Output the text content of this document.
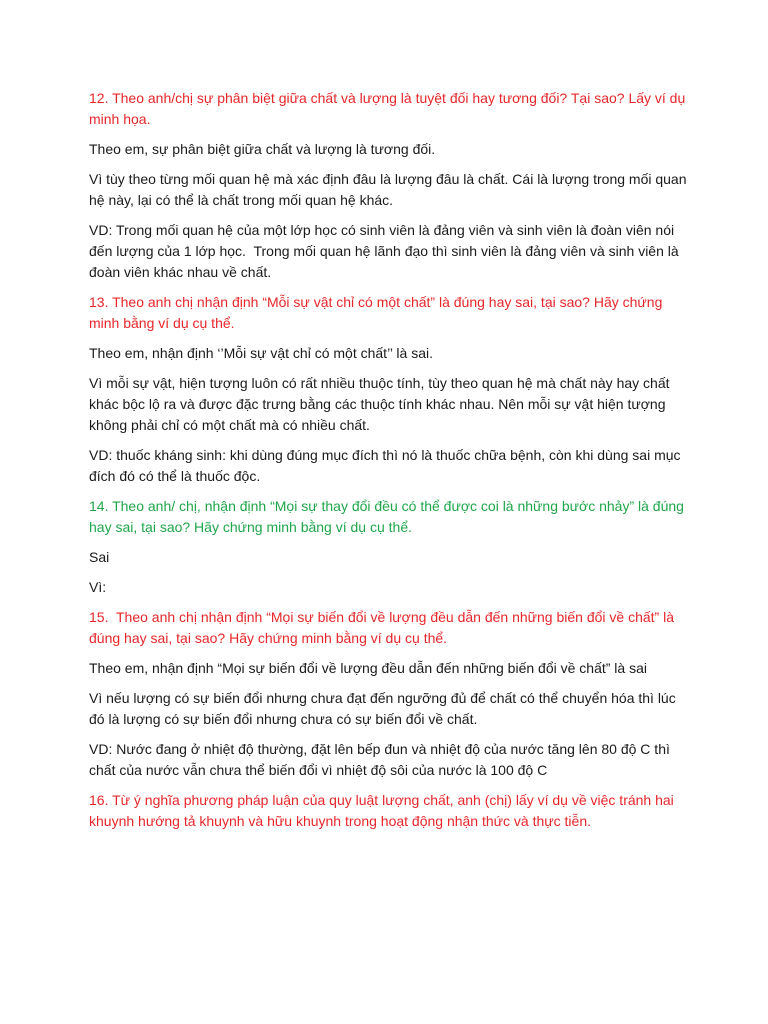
12. Theo anh/chị sự phân biệt giữa chất và lượng là tuyệt đối hay tương đối? Tại sao? Lấy ví dụ minh họa.

Theo em, sự phân biệt giữa chất và lượng là tương đối.

Vì tùy theo từng mối quan hệ mà xác định đâu là lượng đâu là chất. Cái là lượng trong mối quan hệ này, lại có thể là chất trong mối quan hệ khác.

VD: Trong mối quan hệ của một lớp học có sinh viên là đảng viên và sinh viên là đoàn viên nói đến lượng của 1 lớp học.  Trong mối quan hệ lãnh đạo thì sinh viên là đảng viên và sinh viên là đoàn viên khác nhau về chất.

13. Theo anh chị nhận định “Mỗi sự vật chỉ có một chất” là đúng hay sai, tại sao? Hãy chứng minh bằng ví dụ cụ thể.

Theo em, nhận định ‘’Mỗi sự vật chỉ có một chất’’ là sai.

Vì mỗi sự vật, hiện tượng luôn có rất nhiều thuộc tính, tùy theo quan hệ mà chất này hay chất khác bộc lộ ra và được đặc trưng bằng các thuộc tính khác nhau. Nên mỗi sự vật hiện tượng không phải chỉ có một chất mà có nhiều chất.

VD: thuốc kháng sinh: khi dùng đúng mục đích thì nó là thuốc chữa bệnh, còn khi dùng sai mục đích đó có thể là thuốc độc.

14. Theo anh/ chị, nhận định “Mọi sự thay đổi đều có thể được coi là những bước nhảy” là đúng hay sai, tại sao? Hãy chứng minh bằng ví dụ cụ thể.

Sai

Vì:

15.  Theo anh chị nhận định “Mọi sự biến đổi về lượng đều dẫn đến những biến đổi về chất” là đúng hay sai, tại sao? Hãy chứng minh bằng ví dụ cụ thể.

Theo em, nhận định “Mọi sự biến đổi về lượng đều dẫn đến những biến đổi về chất” là sai

Vì nếu lượng có sự biến đổi nhưng chưa đạt đến ngưỡng đủ để chất có thể chuyển hóa thì lúc đó là lượng có sự biến đổi nhưng chưa có sự biến đổi về chất.

VD: Nước đang ở nhiệt độ thường, đặt lên bếp đun và nhiệt độ của nước tăng lên 80 độ C thì chất của nước vẫn chưa thể biến đổi vì nhiệt độ sôi của nước là 100 độ C

16. Từ ý nghĩa phương pháp luận của quy luật lượng chất, anh (chị) lấy ví dụ về việc tránh hai khuynh hướng tả khuynh và hữu khuynh trong hoạt động nhận thức và thực tiễn.
